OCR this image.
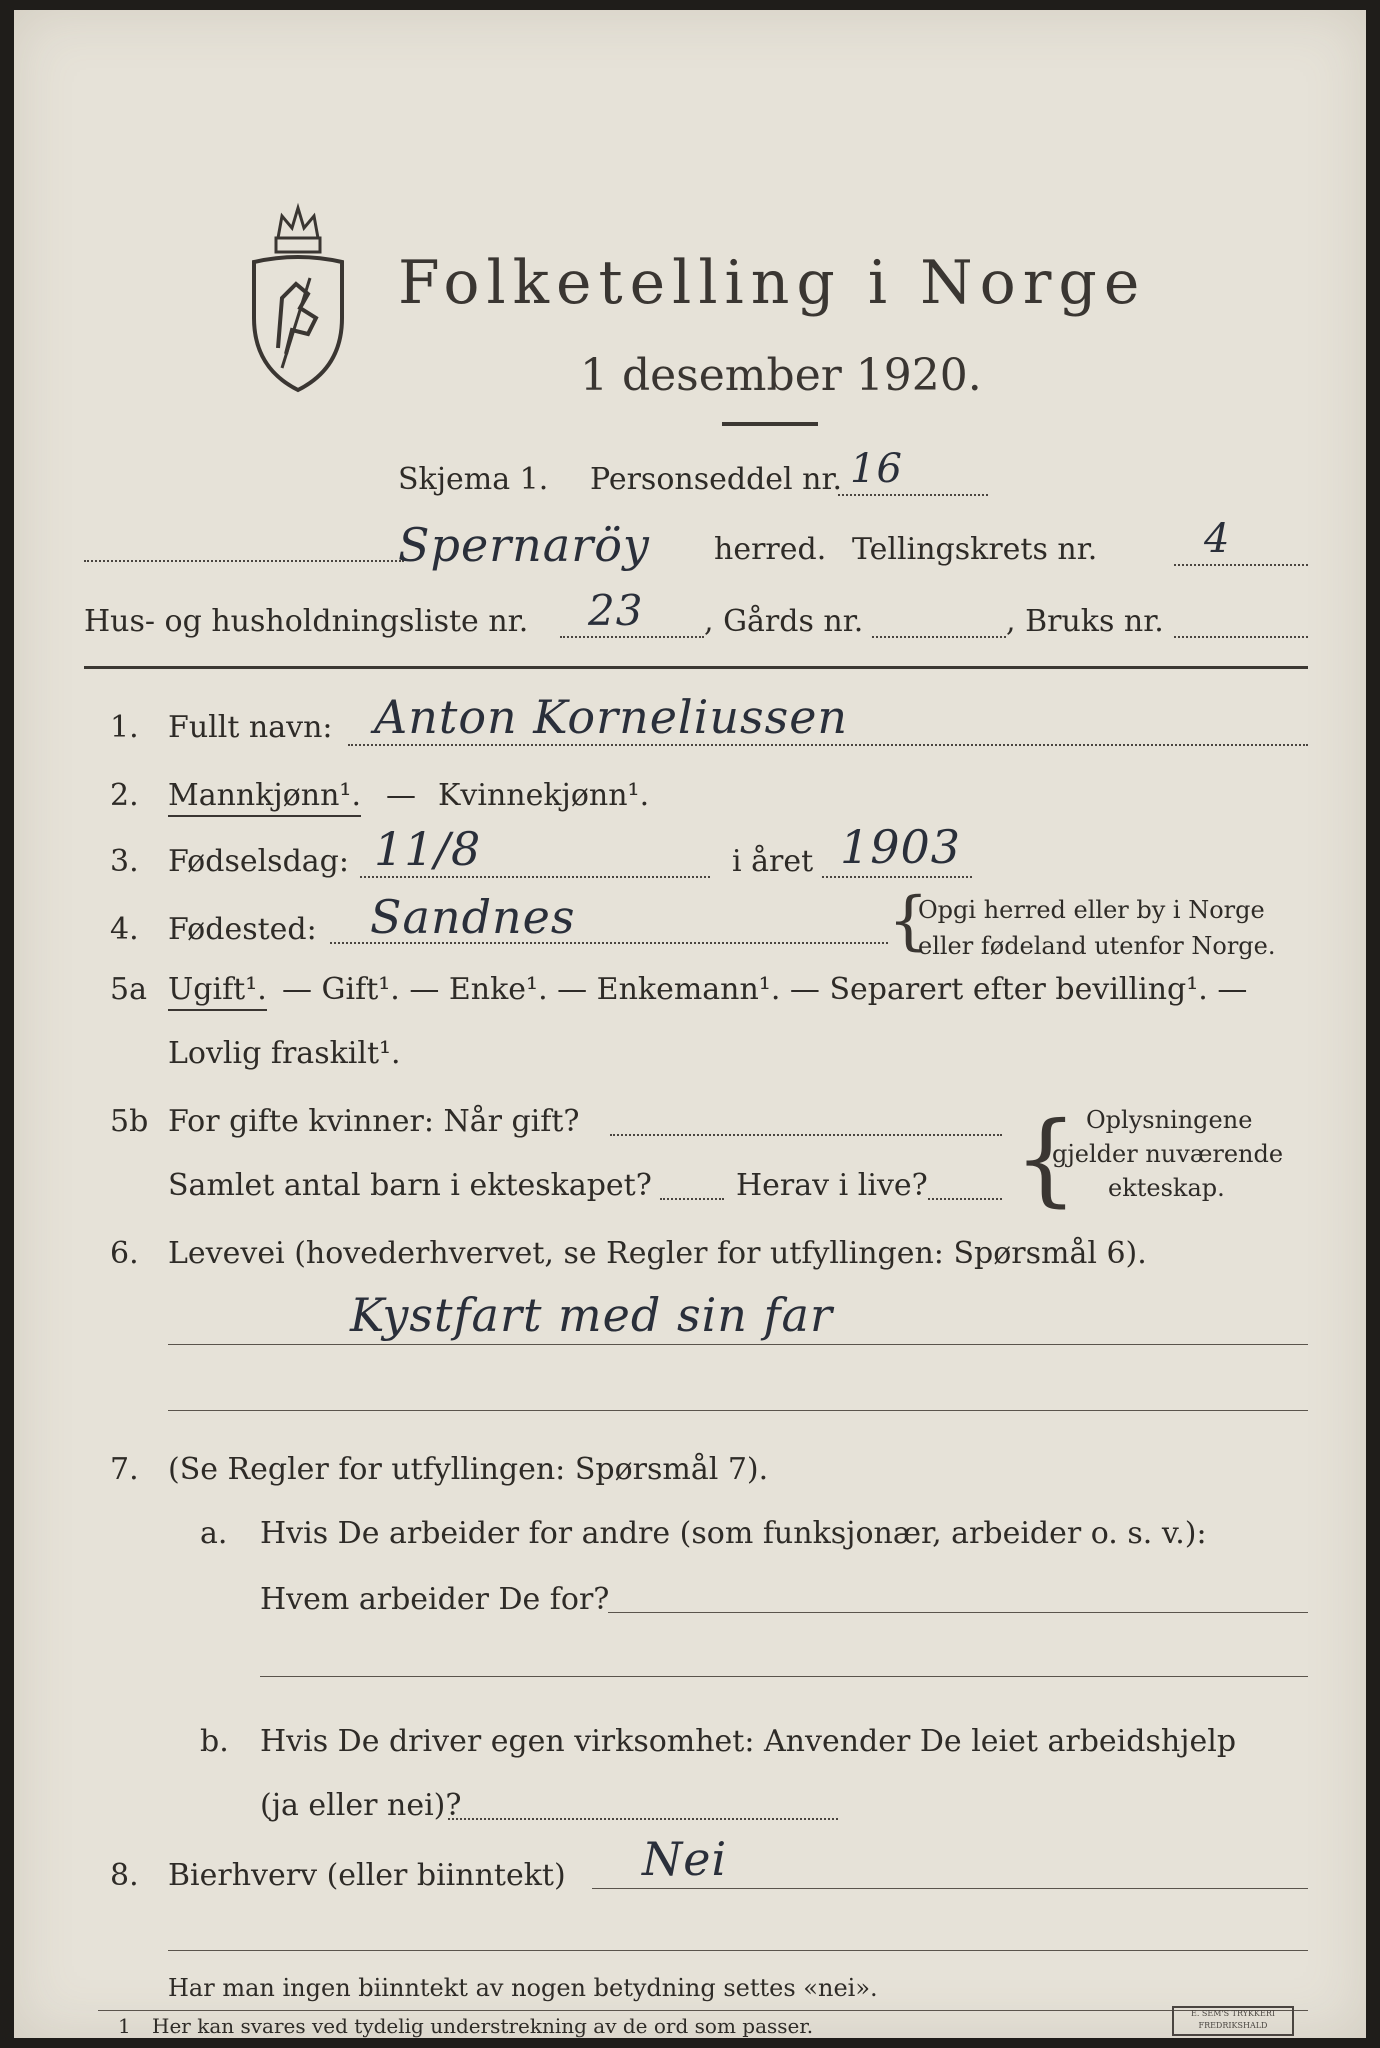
Folketelling i Norge
1 desember 1920.
Skjema 1. Personseddel nr. 16
Spernaröy herred. Tellingskrets nr.	4
Hus- og husholdningsliste nr. 23 , Gårds nr.	, Bruks nr.
1. Fullt navn: Anton Korneliussen
2. Mannkjønn¹. — Kvinnekjønn¹.
3. Fødselsdag: 11/8	i året 1903
4. Fødested: Sandnes	{
Opgi herred eller by i Norge
eller fødeland utenfor Norge.
5a Ugift¹. — Gift¹. — Enke¹. — Enkemann¹. — Separert efter bevilling¹. —
Lovlig fraskilt¹.
5b For gifte kvinner: Når gift?
Samlet antal barn i ekteskapet?	Herav i live? { Oplysningene
gjelder nuværende
ekteskap.
6. Levevei (hovederhvervet, se Regler for utfyllingen: Spørsmål 6).
Kystfart med sin far
7. (Se Regler for utfyllingen: Spørsmål 7).
a. Hvis De arbeider for andre (som funksjonær, arbeider o. s. v.):
Hvem arbeider De for?
b. Hvis De driver egen virksomhet: Anvender De leiet arbeidshjelp
(ja eller nei)?
8. Bierhverv (eller biinntekt) Nei
Har man ingen biinntekt av nogen betydning settes «nei».
1 Her kan svares ved tydelig understrekning av de ord som passer.
E. SEM'S TRYKKERI
FREDRIKSHALD
